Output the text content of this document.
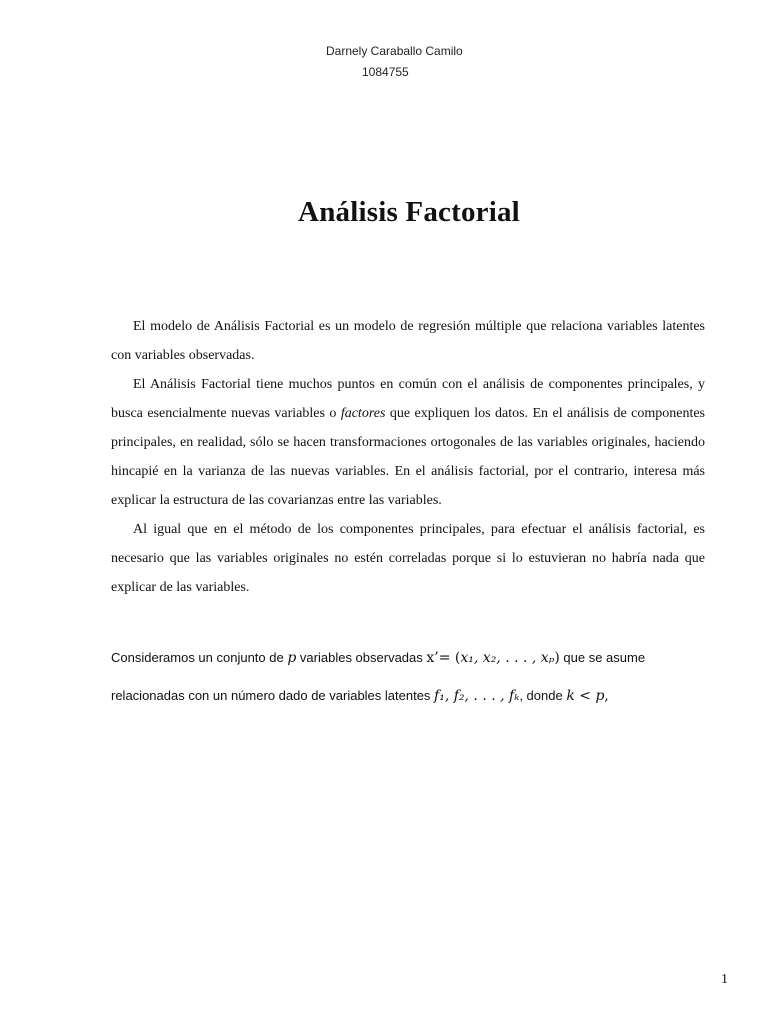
Darnely Caraballo Camilo
1084755
Análisis Factorial

El modelo de Análisis Factorial es un modelo de regresión múltiple que relaciona variables latentes con variables observadas.

El Análisis Factorial tiene muchos puntos en común con el análisis de componentes principales, y busca esencialmente nuevas variables o factores que expliquen los datos. En el análisis de componentes principales, en realidad, sólo se hacen transformaciones ortogonales de las variables originales, haciendo hincapié en la varianza de las nuevas variables. En el análisis factorial, por el contrario, interesa más explicar la estructura de las covarianzas entre las variables.

Al igual que en el método de los componentes principales, para efectuar el análisis factorial, es necesario que las variables originales no estén correladas porque si lo estuvieran no habría nada que explicar de las variables.

Consideramos un conjunto de p variables observadas x’= (x₁, x₂, . . . , xₚ) que se asume
relacionadas con un número dado de variables latentes f₁, f₂, . . . , fₖ, donde k < p,
1
